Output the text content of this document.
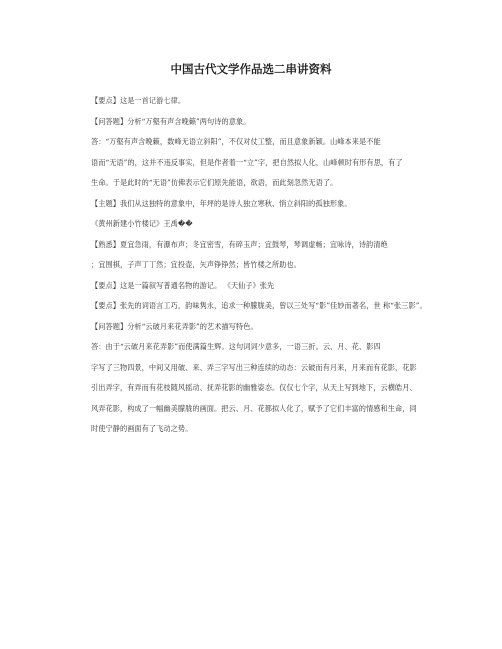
中国古代文学作品选二串讲资料

【要点】这是一首记游七律。

【问答题】分析“万壑有声含晚籁”两句诗的意象。

答：“万壑有声含晚籁，数峰无语立斜阳”，不仅对仗工整，而且意象新颖。山峰本来是不能

语而“无语”的，这并不违反事实，但是作者着一“立”字，把自然拟人化，山峰顿时有形有思，有了

生命。于是此时的“无语”仿佛表示它们原先能语，欲语，而此刻忽然无语了。

【主题】我们从这独特的意象中，年坪的是诗人独立寒秋、悄立斜阳的孤独形象。

《黄州新建小竹楼记》王禹��

【熟悉】夏宜急雨，有瀑布声；冬宜密雪，有碎玉声；宜鼓琴，琴调虚畅；宜咏诗，诗韵清绝

；宜围棋，子声丁丁然；宜投壶，矢声铮铮然；皆竹楼之所助也。

【要点】这是一篇叙写普通名物的游记。 《天仙子》张先

【要点】张先的词语言工巧，韵味隽永，追求一种朦胧美，曾以三处写“影”佳妙而著名，世 称“张三影”。

【问答题】分析“云破月来花弄影”的艺术描写特色。

答：由于“云破月来花弄影”而使满篇生辉。这句词词少意多，一语三折。云、月、花、影四

字写了三物四景，中间又用破、来、弄三字写出三种连续的动态：云破而有月来，月来而有花影，花影

引出弄字，有弄而有花枝随风摇动、抚弄花影的幽雅姿态。仅仅七个字，从天上写到地下，云横皓月、

风弄花影，构成了一幅幽美朦胧的画面。把云、月、花都拟人化了，赋予了它们丰富的情感和生命，同

时使宁静的画面有了飞动之势。
